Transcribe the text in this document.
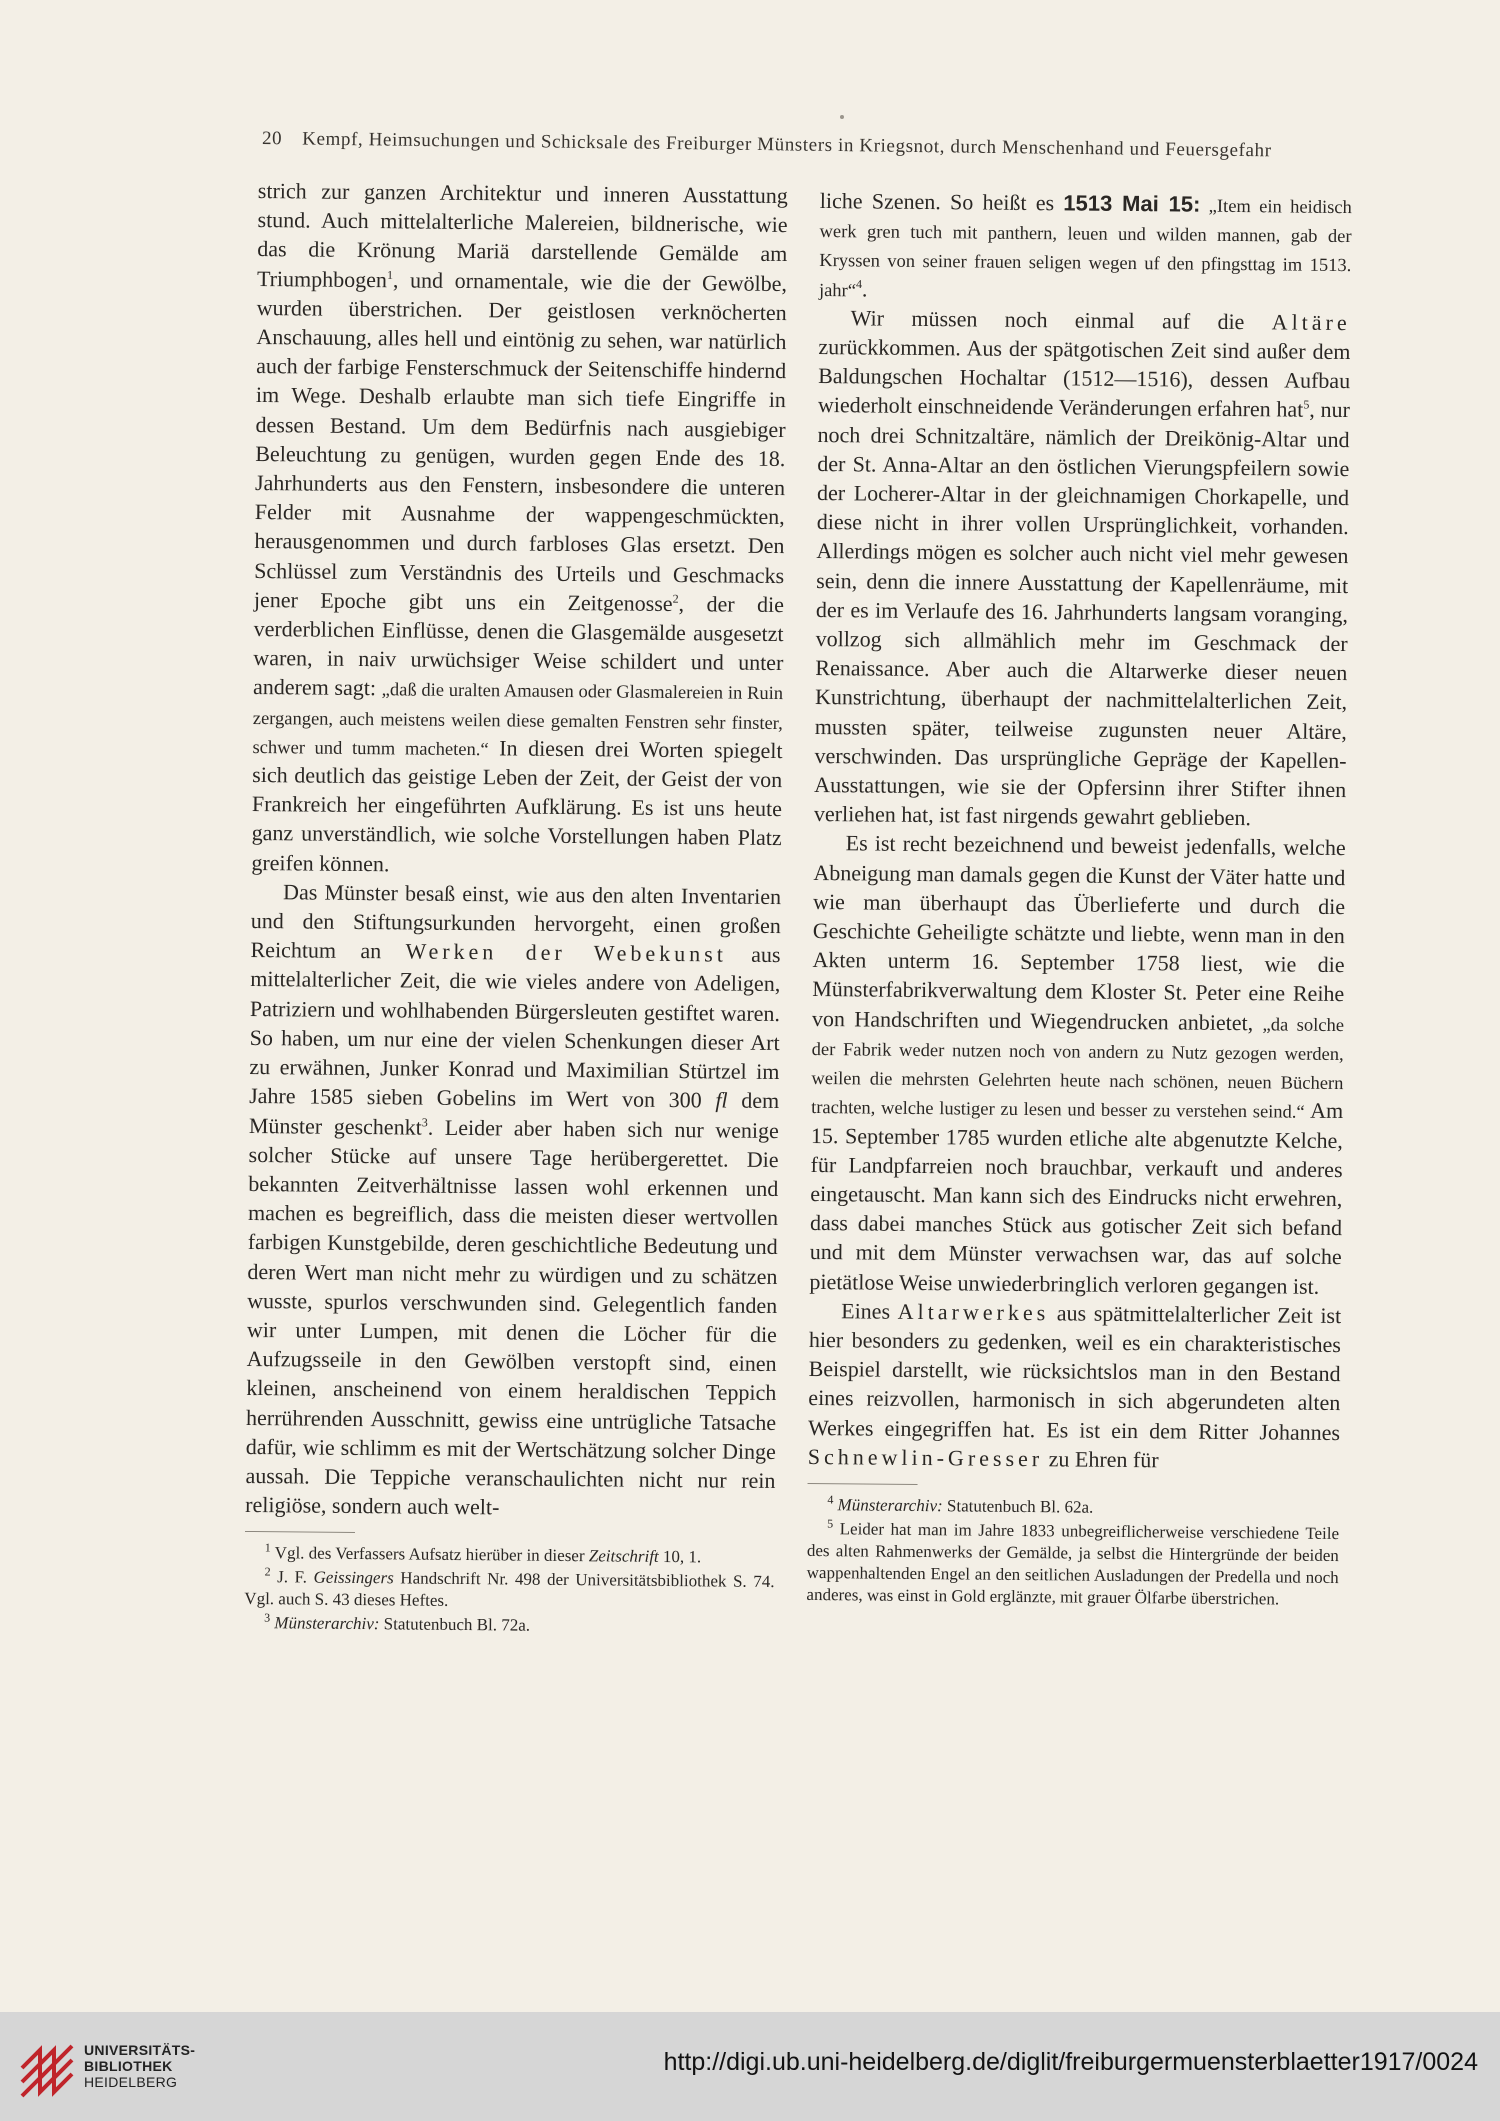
20 Kempf, Heimsuchungen und Schicksale des Freiburger Münsters in Kriegsnot, durch Menschenhand und Feuersgefahr

strich zur ganzen Architektur und inneren Ausstattung stund. Auch mittelalterliche Malereien, bildnerische, wie das die Krönung Mariä darstellende Gemälde am Triumphbogen$^1$, und ornamentale, wie die der Gewölbe, wurden überstrichen. Der geistlosen verknöcherten Anschauung, alles hell und eintönig zu sehen, war natürlich auch der farbige Fensterschmuck der Seitenschiffe hindernd im Wege. Deshalb erlaubte man sich tiefe Eingriffe in dessen Bestand. Um dem Bedürfnis nach ausgiebiger Beleuchtung zu genügen, wurden gegen Ende des 18. Jahrhunderts aus den Fenstern, insbesondere die unteren Felder mit Ausnahme der wappengeschmückten, herausgenommen und durch farbloses Glas ersetzt. Den Schlüssel zum Verständnis des Urteils und Geschmacks jener Epoche gibt uns ein Zeitgenosse$^2$, der die verderblichen Einflüsse, denen die Glasgemälde ausgesetzt waren, in naiv urwüchsiger Weise schildert und unter anderem sagt: „daß die uralten Amausen oder Glasmalereien in Ruin zergangen, auch meistens weilen diese gemalten Fenstren sehr finster, schwer und tumm macheten.“ In diesen drei Worten spiegelt sich deutlich das geistige Leben der Zeit, der Geist der von Frankreich her eingeführten Aufklärung. Es ist uns heute ganz unverständlich, wie solche Vorstellungen haben Platz greifen können.

Das Münster besaß einst, wie aus den alten Inventarien und den Stiftungsurkunden hervorgeht, einen großen Reichtum an Werken der Webekunst aus mittelalterlicher Zeit, die wie vieles andere von Adeligen, Patriziern und wohlhabenden Bürgersleuten gestiftet waren. So haben, um nur eine der vielen Schenkungen dieser Art zu erwähnen, Junker Konrad und Maximilian Stürtzel im Jahre 1585 sieben Gobelins im Wert von 300 fl dem Münster geschenkt$^3$. Leider aber haben sich nur wenige solcher Stücke auf unsere Tage herübergerettet. Die bekannten Zeitverhältnisse lassen wohl erkennen und machen es begreiflich, dass die meisten dieser wertvollen farbigen Kunstgebilde, deren geschichtliche Bedeutung und deren Wert man nicht mehr zu würdigen und zu schätzen wusste, spurlos verschwunden sind. Gelegentlich fanden wir unter Lumpen, mit denen die Löcher für die Aufzugsseile in den Gewölben verstopft sind, einen kleinen, anscheinend von einem heraldischen Teppich herrührenden Ausschnitt, gewiss eine untrügliche Tatsache dafür, wie schlimm es mit der Wertschätzung solcher Dinge aussah. Die Teppiche veranschaulichten nicht nur rein religiöse, sondern auch welt-

$^1$ Vgl. des Verfassers Aufsatz hierüber in dieser Zeitschrift 10, 1.

$^2$ J. F. Geissingers Handschrift Nr. 498 der Universitätsbibliothek S. 74. Vgl. auch S. 43 dieses Heftes.

$^3$ Münsterarchiv: Statutenbuch Bl. 72a.

liche Szenen. So heißt es 1513 Mai 15: „Item ein heidisch werk gren tuch mit panthern, leuen und wilden mannen, gab der Kryssen von seiner frauen seligen wegen uf den pfingsttag im 1513. jahr“$^4$.

Wir müssen noch einmal auf die Altäre zurückkommen. Aus der spätgotischen Zeit sind außer dem Baldungschen Hochaltar (1512—1516), dessen Aufbau wiederholt einschneidende Veränderungen erfahren hat$^5$, nur noch drei Schnitzaltäre, nämlich der Dreikönig-Altar und der St. Anna-Altar an den östlichen Vierungspfeilern sowie der Locherer-Altar in der gleichnamigen Chorkapelle, und diese nicht in ihrer vollen Ursprünglichkeit, vorhanden. Allerdings mögen es solcher auch nicht viel mehr gewesen sein, denn die innere Ausstattung der Kapellenräume, mit der es im Verlaufe des 16. Jahrhunderts langsam voranging, vollzog sich allmählich mehr im Geschmack der Renaissance. Aber auch die Altarwerke dieser neuen Kunstrichtung, überhaupt der nachmittelalterlichen Zeit, mussten später, teilweise zugunsten neuer Altäre, verschwinden. Das ursprüngliche Gepräge der Kapellen-Ausstattungen, wie sie der Opfersinn ihrer Stifter ihnen verliehen hat, ist fast nirgends gewahrt geblieben.

Es ist recht bezeichnend und beweist jedenfalls, welche Abneigung man damals gegen die Kunst der Väter hatte und wie man überhaupt das Überlieferte und durch die Geschichte Geheiligte schätzte und liebte, wenn man in den Akten unterm 16. September 1758 liest, wie die Münsterfabrikverwaltung dem Kloster St. Peter eine Reihe von Handschriften und Wiegendrucken anbietet, „da solche der Fabrik weder nutzen noch von andern zu Nutz gezogen werden, weilen die mehrsten Gelehrten heute nach schönen, neuen Büchern trachten, welche lustiger zu lesen und besser zu verstehen seind.“ Am 15. September 1785 wurden etliche alte abgenutzte Kelche, für Landpfarreien noch brauchbar, verkauft und anderes eingetauscht. Man kann sich des Eindrucks nicht erwehren, dass dabei manches Stück aus gotischer Zeit sich befand und mit dem Münster verwachsen war, das auf solche pietätlose Weise unwiederbringlich verloren gegangen ist.

Eines Altarwerkes aus spätmittelalterlicher Zeit ist hier besonders zu gedenken, weil es ein charakteristisches Beispiel darstellt, wie rücksichtslos man in den Bestand eines reizvollen, harmonisch in sich abgerundeten alten Werkes eingegriffen hat. Es ist ein dem Ritter Johannes Schnewlin-Gresser zu Ehren für

$^4$ Münsterarchiv: Statutenbuch Bl. 62a.

$^5$ Leider hat man im Jahre 1833 unbegreiflicherweise verschiedene Teile des alten Rahmenwerks der Gemälde, ja selbst die Hintergründe der beiden wappenhaltenden Engel an den seitlichen Ausladungen der Predella und noch anderes, was einst in Gold erglänzte, mit grauer Ölfarbe überstrichen.

UNIVERSITÄTS-
BIBLIOTHEK
HEIDELBERG
http://digi.ub.uni-heidelberg.de/diglit/freiburgermuensterblaetter1917/0024
